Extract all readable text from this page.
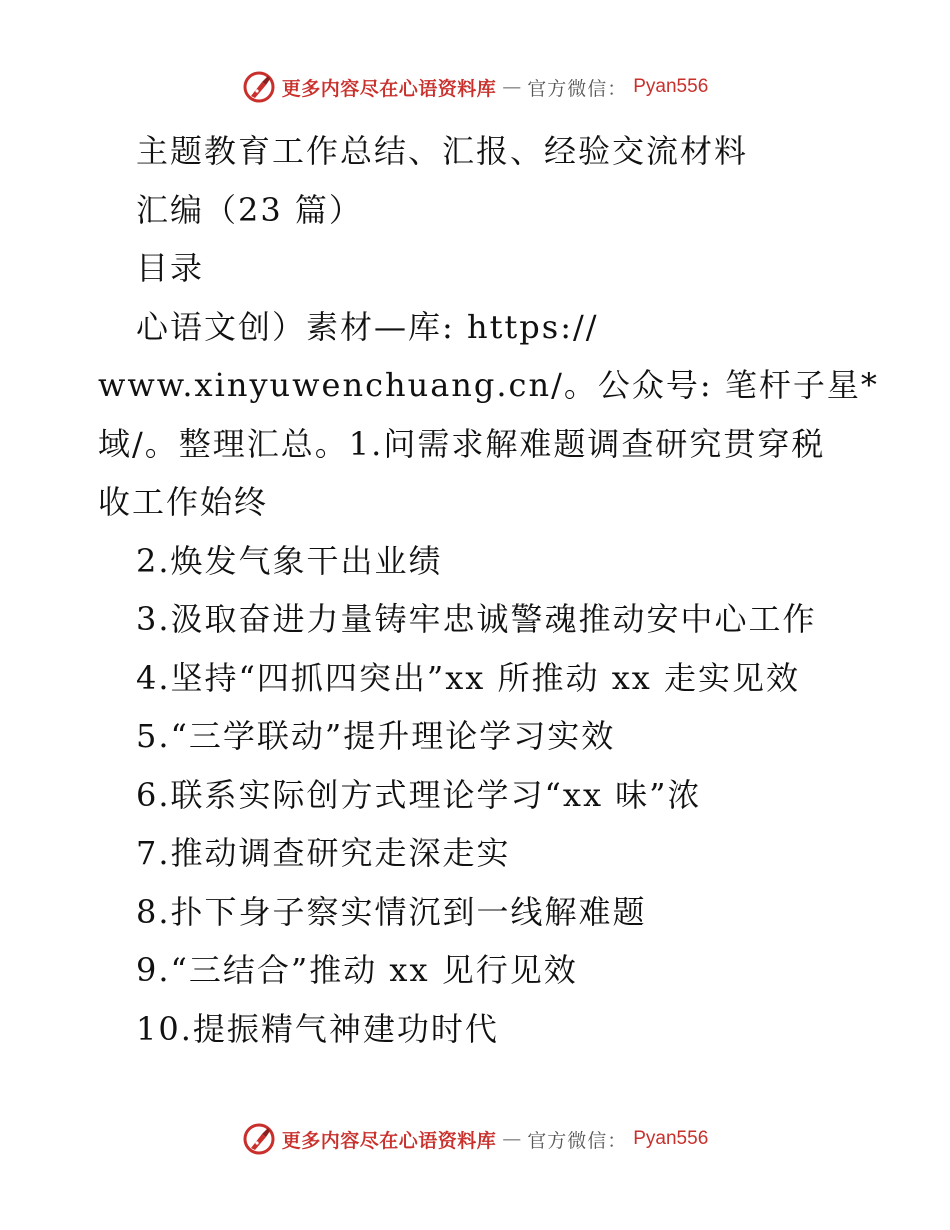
更多内容尽在心语资料库 — 官方微信： Pyan556
主题教育工作总结、汇报、经验交流材料
汇编（23 篇）
目录
心语文创）素材—库: https://
www.xinyuwenchuang.cn/。公众号: 笔杆子星*
域/。整理汇总。1.问需求解难题调查研究贯穿税
收工作始终
2.焕发气象干出业绩
3.汲取奋进力量铸牢忠诚警魂推动安中心工作
4.坚持“四抓四突出”xx 所推动 xx 走实见效
5.“三学联动”提升理论学习实效
6.联系实际创方式理论学习“xx 味”浓
7.推动调查研究走深走实
8.扑下身子察实情沉到一线解难题
9.“三结合”推动 xx 见行见效
10.提振精气神建功时代
更多内容尽在心语资料库 — 官方微信： Pyan556
